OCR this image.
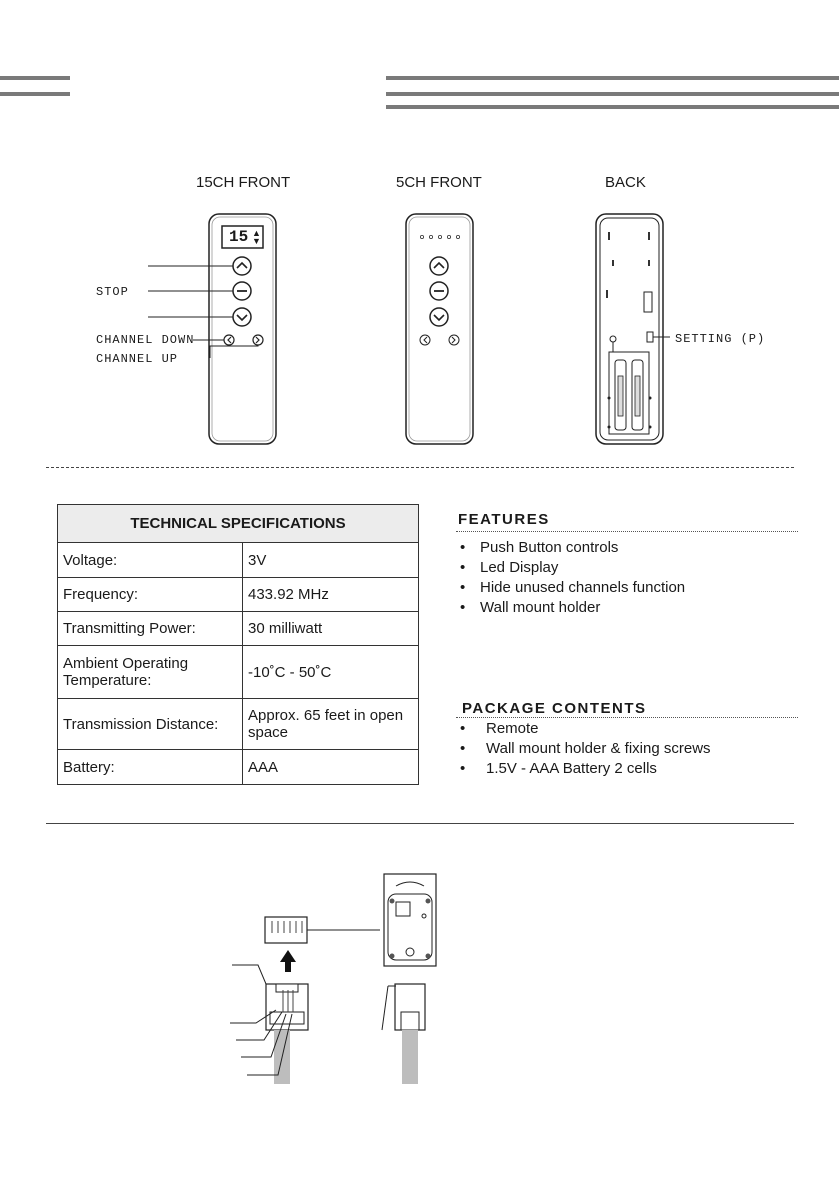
15CH FRONT	5CH FRONT	BACK
15 ▲
▼
STOP
CHANNEL DOWN
CHANNEL UP
SETTING (P)
TECHNICAL SPECIFICATIONS	
Voltage:	3V
Frequency:	433.92 MHz
Transmitting Power:	30 milliwatt
Ambient Operating Temperature:	-10˚C - 50˚C
Transmission Distance:	Approx. 65 feet in open space
Battery:	AAA
FEATURES
• Push Button controls
• Led Display
• Hide unused channels function
• Wall mount holder
PACKAGE CONTENTS
• Remote
• Wall mount holder & fixing screws
• 1.5V - AAA Battery 2 cells
